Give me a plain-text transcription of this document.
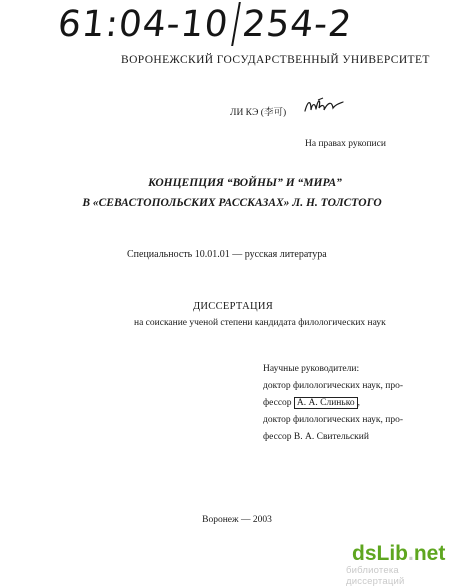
61:04-10 254-2
ВОРОНЕЖСКИЙ ГОСУДАРСТВЕННЫЙ УНИВЕРСИТЕТ
ЛИ КЭ (李可)
На правах рукописи
КОНЦЕПЦИЯ “ВОЙНЫ” И “МИРА”
В «СЕВАСТОПОЛЬСКИХ РАССКАЗАХ» Л. Н. ТОЛСТОГО
Специальность 10.01.01 — русская литература
ДИССЕРТАЦИЯ
на соискание ученой степени кандидата филологических наук
Научные руководители:
доктор филологических наук, про-
фессор А. А. Слинько ,
доктор филологических наук, про-
фессор В. А. Свительский
Воронеж — 2003
dsLib.net
библиотека диссертаций
